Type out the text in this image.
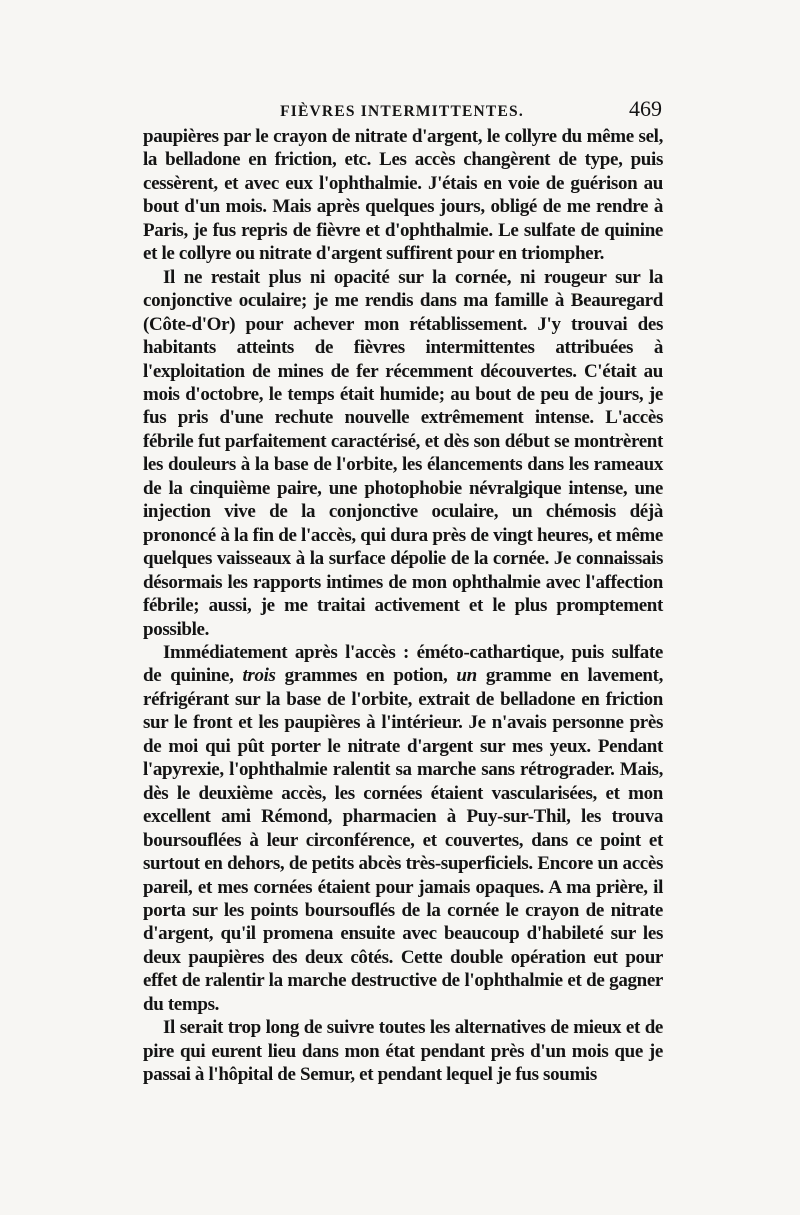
FIÈVRES INTERMITTENTES.	469

paupières par le crayon de nitrate d'argent, le collyre du même sel, la belladone en friction, etc. Les accès changèrent de type, puis cessèrent, et avec eux l'ophthalmie. J'étais en voie de guérison au bout d'un mois. Mais après quelques jours, obligé de me rendre à Paris, je fus repris de fièvre et d'ophthalmie. Le sulfate de quinine et le collyre ou nitrate d'argent suffirent pour en triompher.

Il ne restait plus ni opacité sur la cornée, ni rougeur sur la conjonctive oculaire; je me rendis dans ma famille à Beauregard (Côte-d'Or) pour achever mon rétablissement. J'y trouvai des habitants atteints de fièvres intermittentes attribuées à l'exploitation de mines de fer récemment découvertes. C'était au mois d'octobre, le temps était humide; au bout de peu de jours, je fus pris d'une rechute nouvelle extrêmement intense. L'accès fébrile fut parfaitement caractérisé, et dès son début se montrèrent les douleurs à la base de l'orbite, les élancements dans les rameaux de la cinquième paire, une photophobie névralgique intense, une injection vive de la conjonctive oculaire, un chémosis déjà prononcé à la fin de l'accès, qui dura près de vingt heures, et même quelques vaisseaux à la surface dépolie de la cornée. Je connaissais désormais les rapports intimes de mon ophthalmie avec l'affection fébrile; aussi, je me traitai activement et le plus promptement possible.

Immédiatement après l'accès : éméto-cathartique, puis sulfate de quinine, trois grammes en potion, un gramme en lavement, réfrigérant sur la base de l'orbite, extrait de belladone en friction sur le front et les paupières à l'intérieur. Je n'avais personne près de moi qui pût porter le nitrate d'argent sur mes yeux. Pendant l'apyrexie, l'ophthalmie ralentit sa marche sans rétrograder. Mais, dès le deuxième accès, les cornées étaient vascularisées, et mon excellent ami Rémond, pharmacien à Puy-sur-Thil, les trouva boursouflées à leur circonférence, et couvertes, dans ce point et surtout en dehors, de petits abcès très-superficiels. Encore un accès pareil, et mes cornées étaient pour jamais opaques. A ma prière, il porta sur les points boursouflés de la cornée le crayon de nitrate d'argent, qu'il promena ensuite avec beaucoup d'habileté sur les deux paupières des deux côtés. Cette double opération eut pour effet de ralentir la marche destructive de l'ophthalmie et de gagner du temps.

Il serait trop long de suivre toutes les alternatives de mieux et de pire qui eurent lieu dans mon état pendant près d'un mois que je passai à l'hôpital de Semur, et pendant lequel je fus soumis
